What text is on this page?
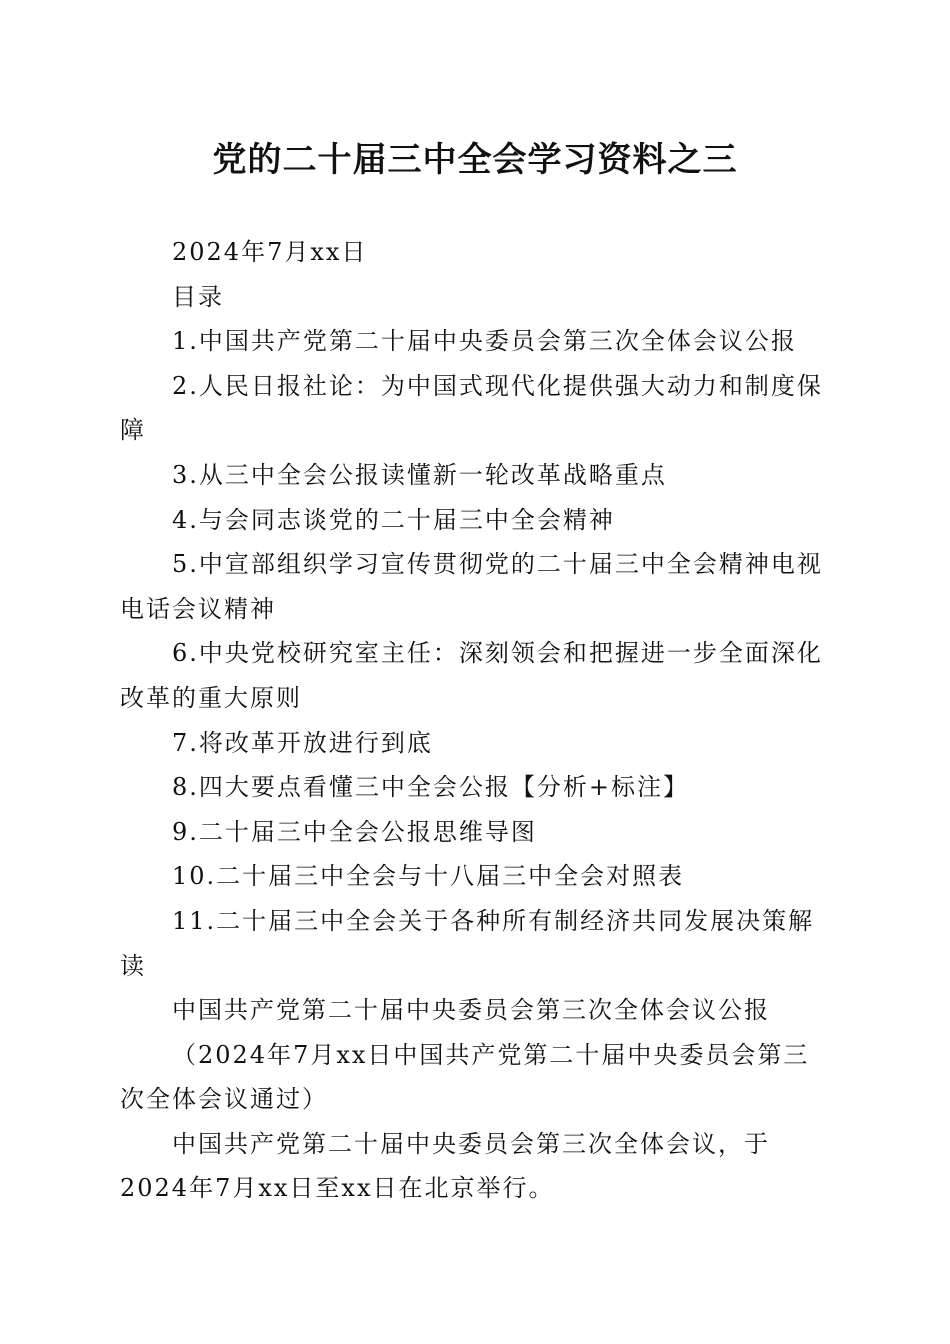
党的二十届三中全会学习资料之三

2024年7月xx日

目录

1.中国共产党第二十届中央委员会第三次全体会议公报

2.人民日报社论：为中国式现代化提供强大动力和制度保障

3.从三中全会公报读懂新一轮改革战略重点

4.与会同志谈党的二十届三中全会精神

5.中宣部组织学习宣传贯彻党的二十届三中全会精神电视电话会议精神

6.中央党校研究室主任：深刻领会和把握进一步全面深化改革的重大原则

7.将改革开放进行到底

8.四大要点看懂三中全会公报【分析+标注】

9.二十届三中全会公报思维导图

10.二十届三中全会与十八届三中全会对照表

11.二十届三中全会关于各种所有制经济共同发展决策解读

中国共产党第二十届中央委员会第三次全体会议公报

（2024年7月xx日中国共产党第二十届中央委员会第三次全体会议通过）

中国共产党第二十届中央委员会第三次全体会议，于2024年7月xx日至xx日在北京举行。
